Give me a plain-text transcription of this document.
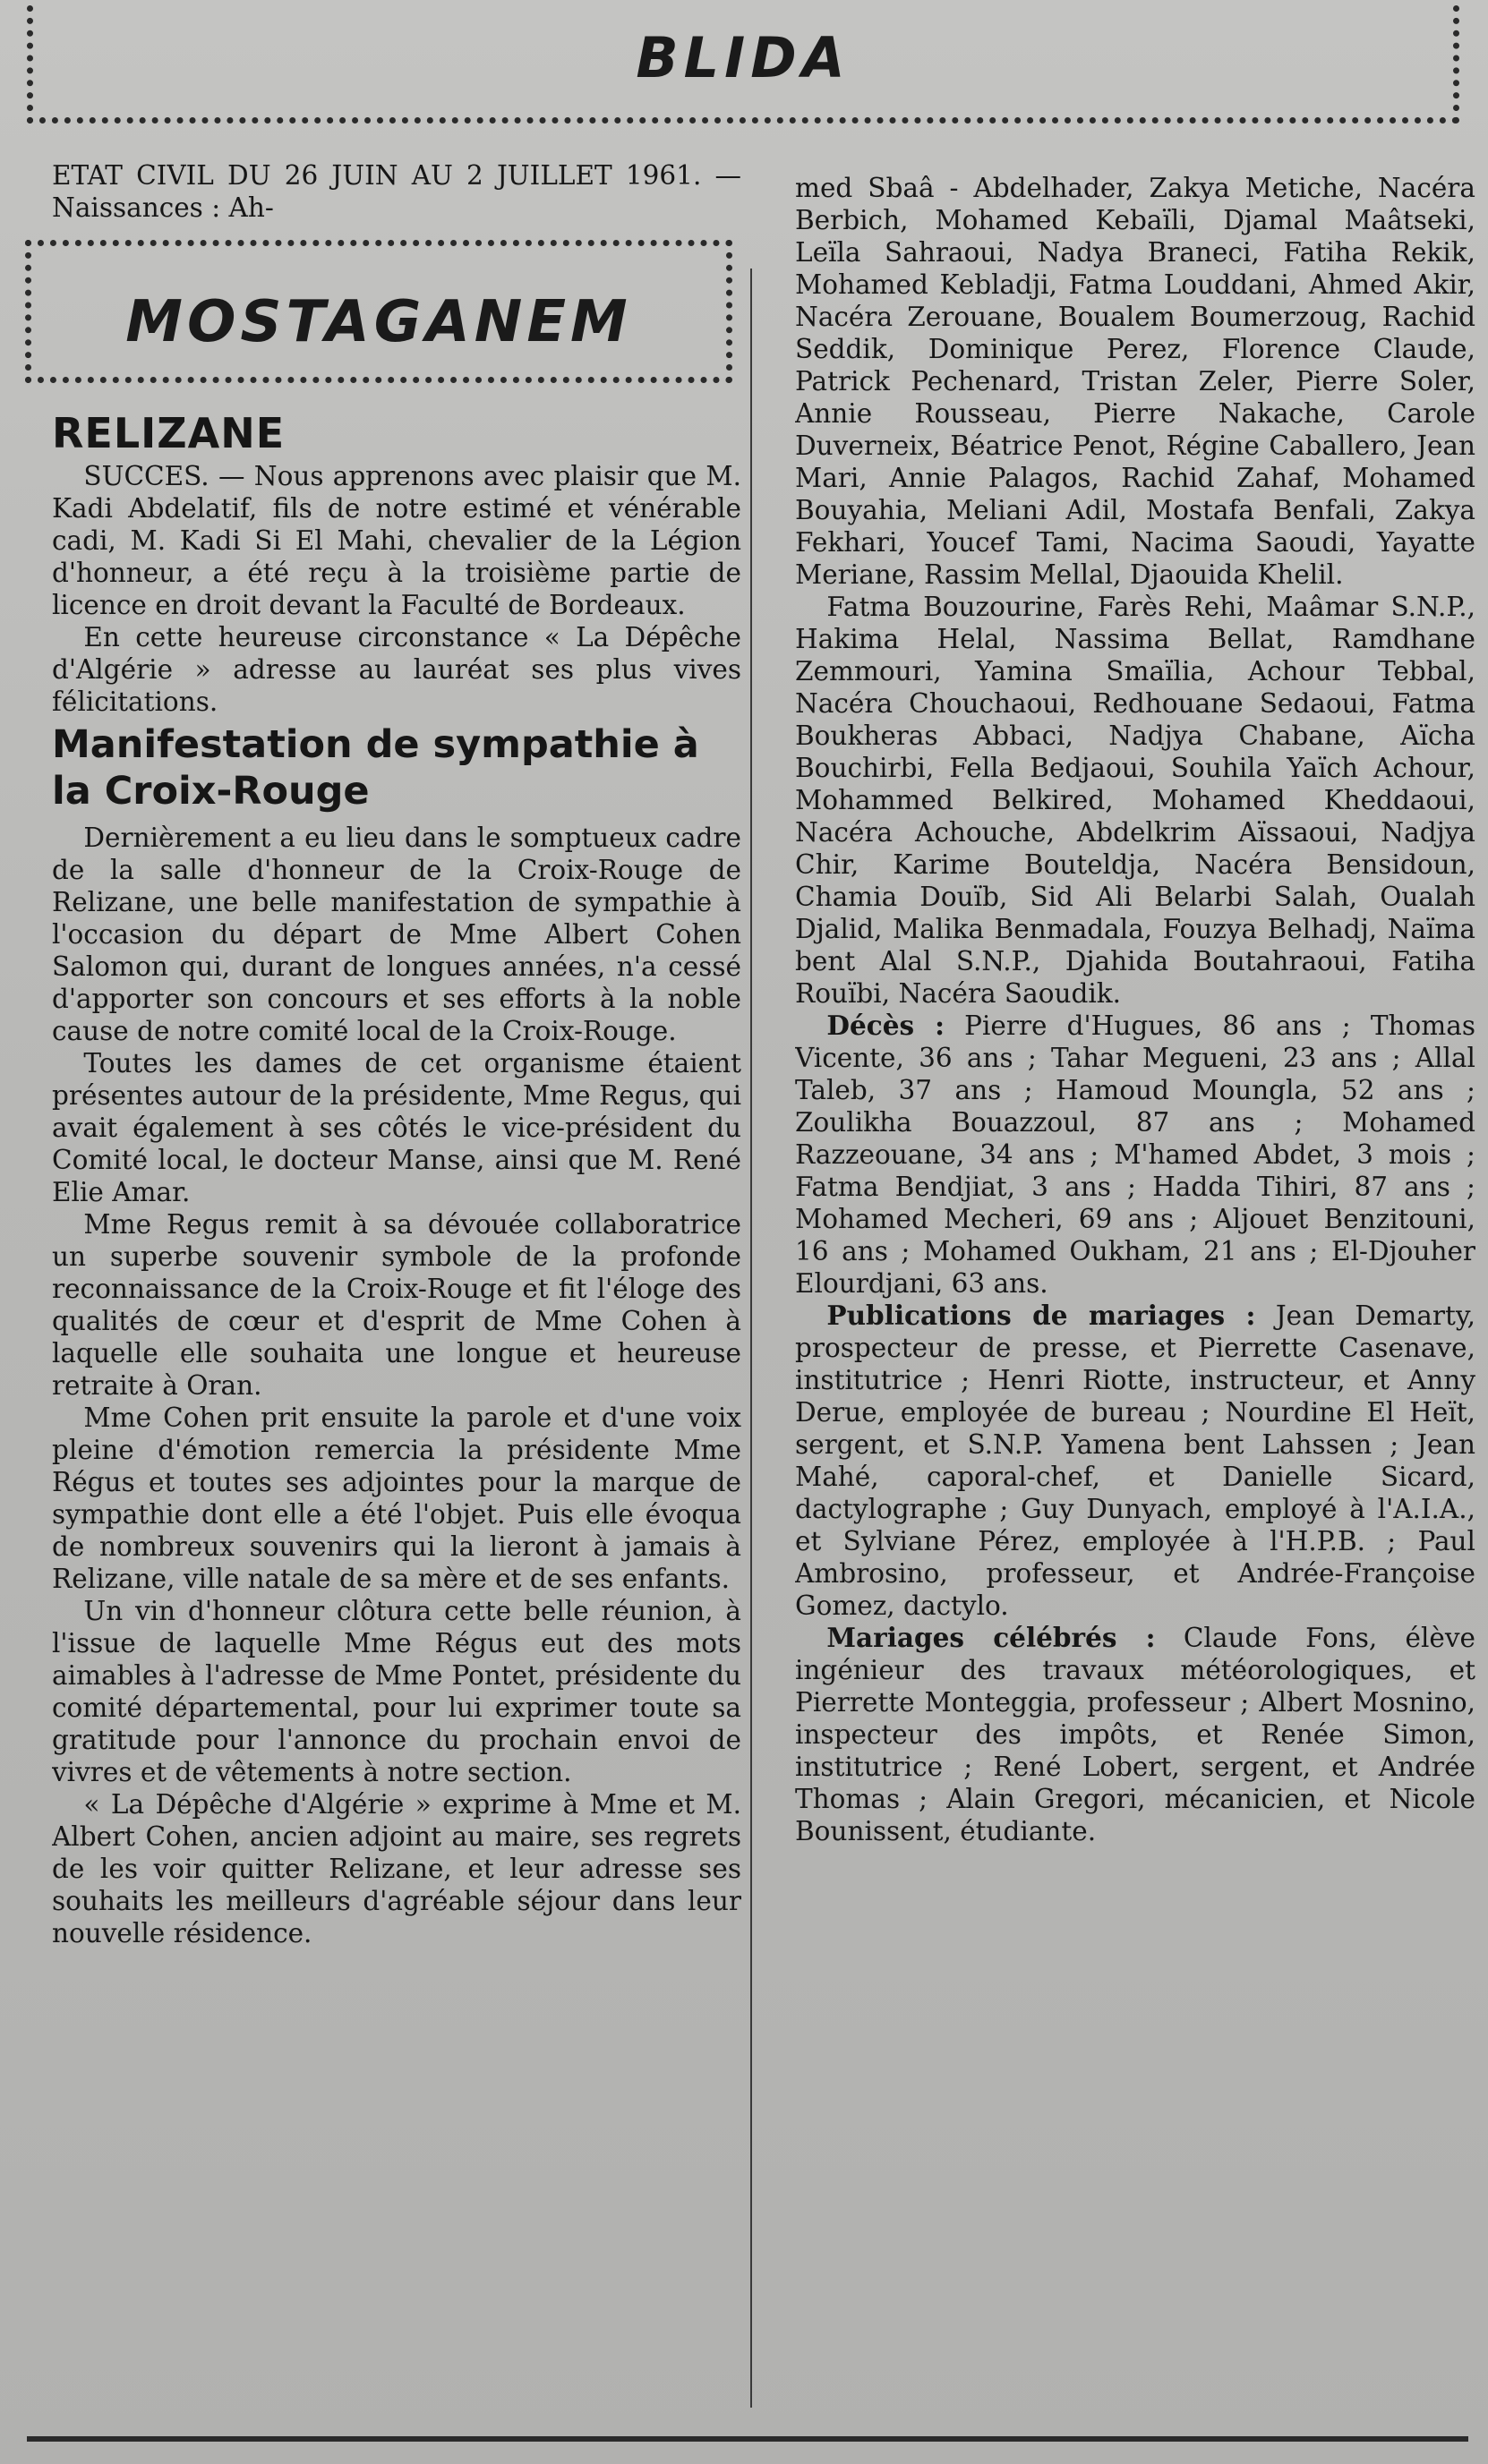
BLIDA

ETAT CIVIL DU 26 JUIN AU 2 JUILLET 1961. — Naissances : Ah-

MOSTAGANEM
RELIZANE

SUCCES. — Nous apprenons avec plaisir que M. Kadi Abdelatif, fils de notre estimé et vénérable cadi, M. Kadi Si El Mahi, chevalier de la Légion d'honneur, a été reçu à la troisième partie de licence en droit devant la Faculté de Bordeaux.

En cette heureuse circonstance « La Dépêche d'Algérie » adresse au lauréat ses plus vives félicitations.

Manifestation de sympathie à la Croix-Rouge

Dernièrement a eu lieu dans le somptueux cadre de la salle d'honneur de la Croix-Rouge de Relizane, une belle manifestation de sympathie à l'occasion du départ de Mme Albert Cohen Salomon qui, durant de longues années, n'a cessé d'apporter son concours et ses efforts à la noble cause de notre comité local de la Croix-Rouge.

Toutes les dames de cet organisme étaient présentes autour de la présidente, Mme Regus, qui avait également à ses côtés le vice-président du Comité local, le docteur Manse, ainsi que M. René Elie Amar.

Mme Regus remit à sa dévouée collaboratrice un superbe souvenir symbole de la profonde reconnaissance de la Croix-Rouge et fit l'éloge des qualités de cœur et d'esprit de Mme Cohen à laquelle elle souhaita une longue et heureuse retraite à Oran.

Mme Cohen prit ensuite la parole et d'une voix pleine d'émotion remercia la présidente Mme Régus et toutes ses adjointes pour la marque de sympathie dont elle a été l'objet. Puis elle évoqua de nombreux souvenirs qui la lieront à jamais à Relizane, ville natale de sa mère et de ses enfants.

Un vin d'honneur clôtura cette belle réunion, à l'issue de laquelle Mme Régus eut des mots aimables à l'adresse de Mme Pontet, présidente du comité départemental, pour lui exprimer toute sa gratitude pour l'annonce du prochain envoi de vivres et de vêtements à notre section.

« La Dépêche d'Algérie » exprime à Mme et M. Albert Cohen, ancien adjoint au maire, ses regrets de les voir quitter Relizane, et leur adresse ses souhaits les meilleurs d'agréable séjour dans leur nouvelle résidence.

med Sbaâ - Abdelhader, Zakya Metiche, Nacéra Berbich, Mohamed Kebaïli, Djamal Maâtseki, Leïla Sahraoui, Nadya Braneci, Fatiha Rekik, Mohamed Kebladji, Fatma Louddani, Ahmed Akir, Nacéra Zerouane, Boualem Boumerzoug, Rachid Seddik, Dominique Perez, Florence Claude, Patrick Pechenard, Tristan Zeler, Pierre Soler, Annie Rousseau, Pierre Nakache, Carole Duverneix, Béatrice Penot, Régine Caballero, Jean Mari, Annie Palagos, Rachid Zahaf, Mohamed Bouyahia, Meliani Adil, Mostafa Benfali, Zakya Fekhari, Youcef Tami, Nacima Saoudi, Yayatte Meriane, Rassim Mellal, Djaouida Khelil.

Fatma Bouzourine, Farès Rehi, Maâmar S.N.P., Hakima Helal, Nassima Bellat, Ramdhane Zemmouri, Yamina Smaïlia, Achour Tebbal, Nacéra Chouchaoui, Redhouane Sedaoui, Fatma Boukheras Abbaci, Nadjya Chabane, Aïcha Bouchirbi, Fella Bedjaoui, Souhila Yaïch Achour, Mohammed Belkired, Mohamed Kheddaoui, Nacéra Achouche, Abdelkrim Aïssaoui, Nadjya Chir, Karime Bouteldja, Nacéra Bensidoun, Chamia Douïb, Sid Ali Belarbi Salah, Oualah Djalid, Malika Benmadala, Fouzya Belhadj, Naïma bent Alal S.N.P., Djahida Boutahraoui, Fatiha Rouïbi, Nacéra Saoudik.

Décès : Pierre d'Hugues, 86 ans ; Thomas Vicente, 36 ans ; Tahar Megueni, 23 ans ; Allal Taleb, 37 ans ; Hamoud Moungla, 52 ans ; Zoulikha Bouazzoul, 87 ans ; Mohamed Razzeouane, 34 ans ; M'hamed Abdet, 3 mois ; Fatma Bendjiat, 3 ans ; Hadda Tihiri, 87 ans ; Mohamed Mecheri, 69 ans ; Aljouet Benzitouni, 16 ans ; Mohamed Oukham, 21 ans ; El-Djouher Elourdjani, 63 ans.

Publications de mariages : Jean Demarty, prospecteur de presse, et Pierrette Casenave, institutrice ; Henri Riotte, instructeur, et Anny Derue, employée de bureau ; Nourdine El Heït, sergent, et S.N.P. Yamena bent Lahssen ; Jean Mahé, caporal-chef, et Danielle Sicard, dactylographe ; Guy Dunyach, employé à l'A.I.A., et Sylviane Pérez, employée à l'H.P.B. ; Paul Ambrosino, professeur, et Andrée-Françoise Gomez, dactylo.

Mariages célébrés : Claude Fons, élève ingénieur des travaux météorologiques, et Pierrette Monteggia, professeur ; Albert Mosnino, inspecteur des impôts, et Renée Simon, institutrice ; René Lobert, sergent, et Andrée Thomas ; Alain Gregori, mécanicien, et Nicole Bounissent, étudiante.
